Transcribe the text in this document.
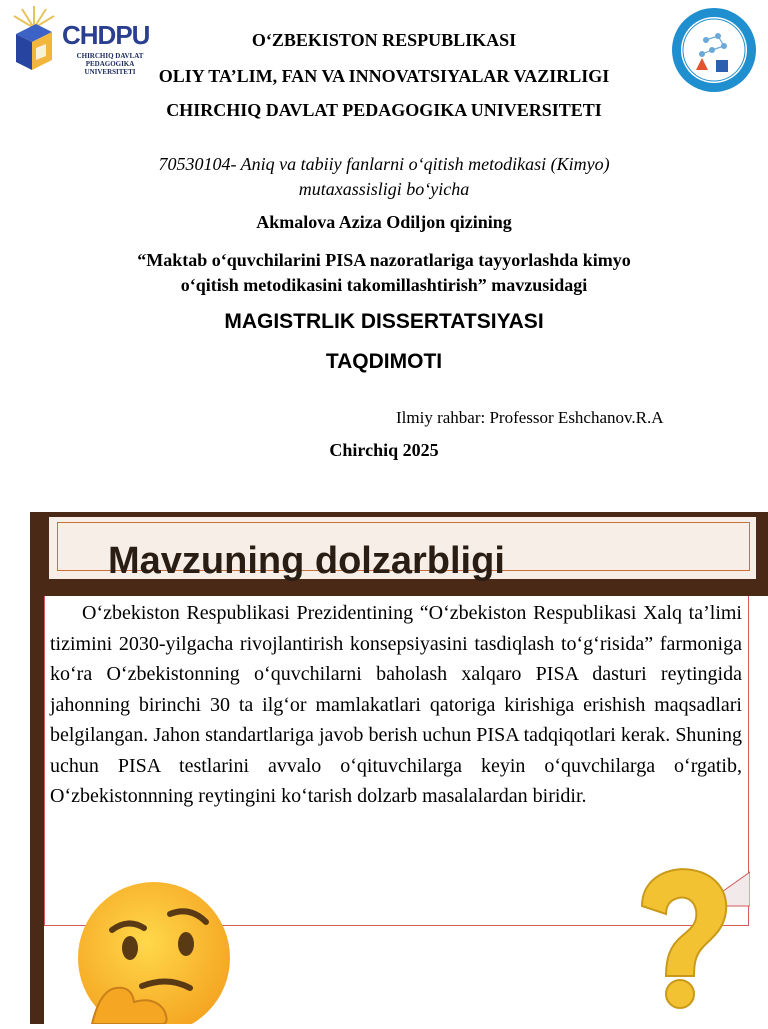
CHDPU
CHIRCHIQ DAVLAT
PEDAGOGIKA UNIVERSITETI
O‘ZBEKISTON RESPUBLIKASI
OLIY TA’LIM, FAN VA INNOVATSIYALAR VAZIRLIGI
CHIRCHIQ DAVLAT PEDAGOGIKA UNIVERSITETI
70530104- Aniq va tabiiy fanlarni o‘qitish metodikasi (Kimyo)
mutaxassisligi bo‘yicha
Akmalova Aziza Odiljon qizining
“Maktab o‘quvchilarini PISA nazoratlariga tayyorlashda kimyo
o‘qitish metodikasini takomillashtirish” mavzusidagi
MAGISTRLIK DISSERTATSIYASI
TAQDIMOTI
Ilmiy rahbar: Professor Eshchanov.R.A
Chirchiq 2025
Mavzuning dolzarbligi
O‘zbekiston Respublikasi Prezidentining “O‘zbekiston Respublikasi Xalq ta’limi tizimini 2030-yilgacha rivojlantirish konsepsiyasini tasdiqlash to‘g‘risida” farmoniga ko‘ra O‘zbekistonning o‘quvchilarni baholash xalqaro PISA dasturi reytingida jahonning birinchi 30 ta ilg‘or mamlakatlari qatoriga kirishiga erishish maqsadlari belgilangan. Jahon standartlariga javob berish uchun PISA tadqiqotlari kerak. Shuning uchun PISA testlarini avvalo o‘qituvchilarga keyin o‘quvchilarga o‘rgatib, O‘zbekistonnning reytingini ko‘tarish dolzarb masalalardan biridir.
